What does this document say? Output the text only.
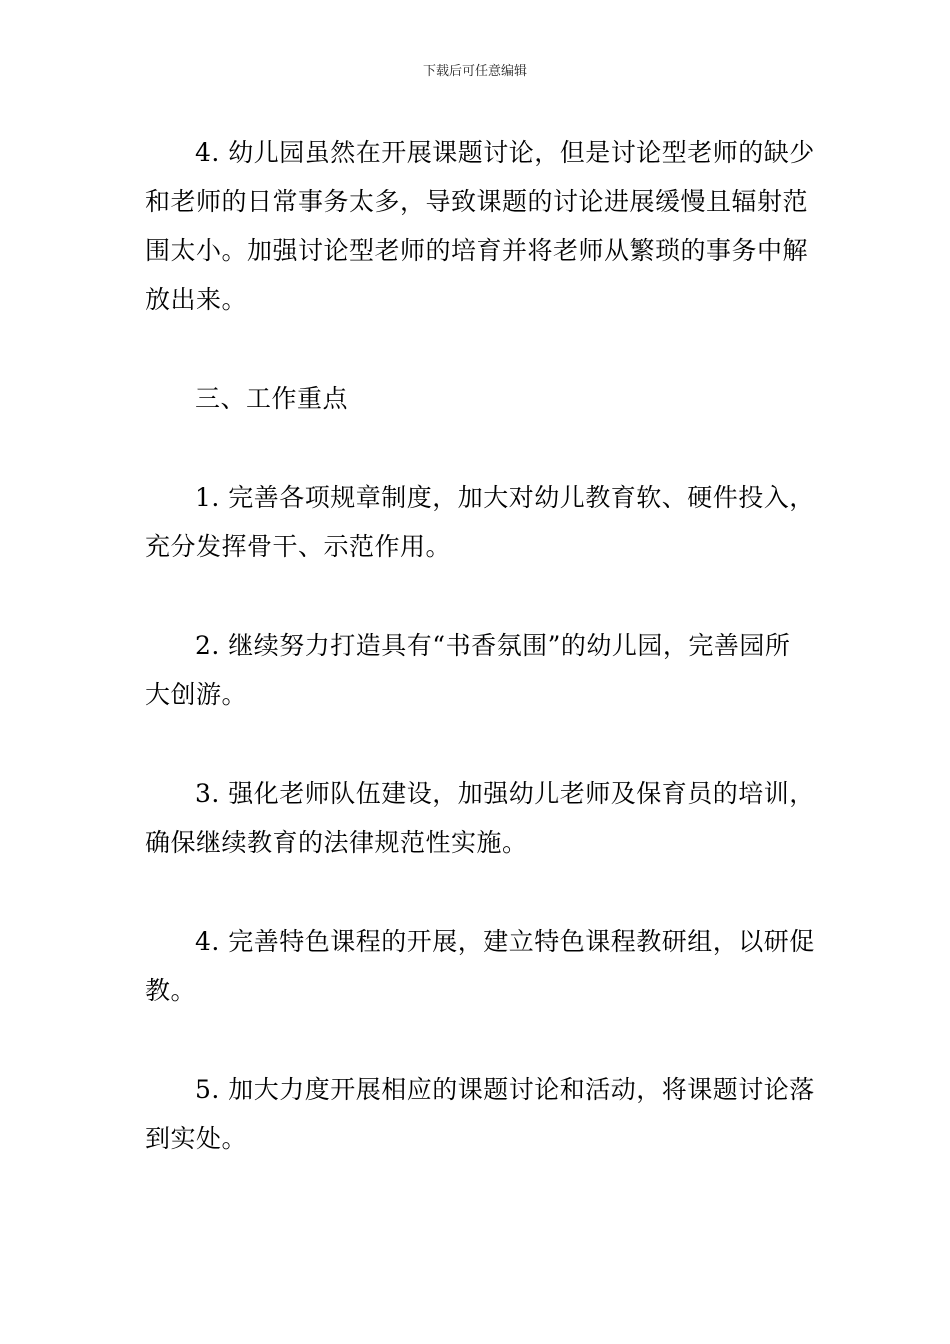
下载后可任意编辑

4. 幼儿园虽然在开展课题讨论，但是讨论型老师的缺少和老师的日常事务太多，导致课题的讨论进展缓慢且辐射范围太小。加强讨论型老师的培育并将老师从繁琐的事务中解放出来。

三、工作重点

1. 完善各项规章制度，加大对幼儿教育软、硬件投入，充分发挥骨干、示范作用。

2. 继续努力打造具有“书香氛围”的幼儿园，完善园所大创游。

3. 强化老师队伍建设，加强幼儿老师及保育员的培训，确保继续教育的法律规范性实施。

4. 完善特色课程的开展，建立特色课程教研组，以研促教。

5. 加大力度开展相应的课题讨论和活动，将课题讨论落到实处。
